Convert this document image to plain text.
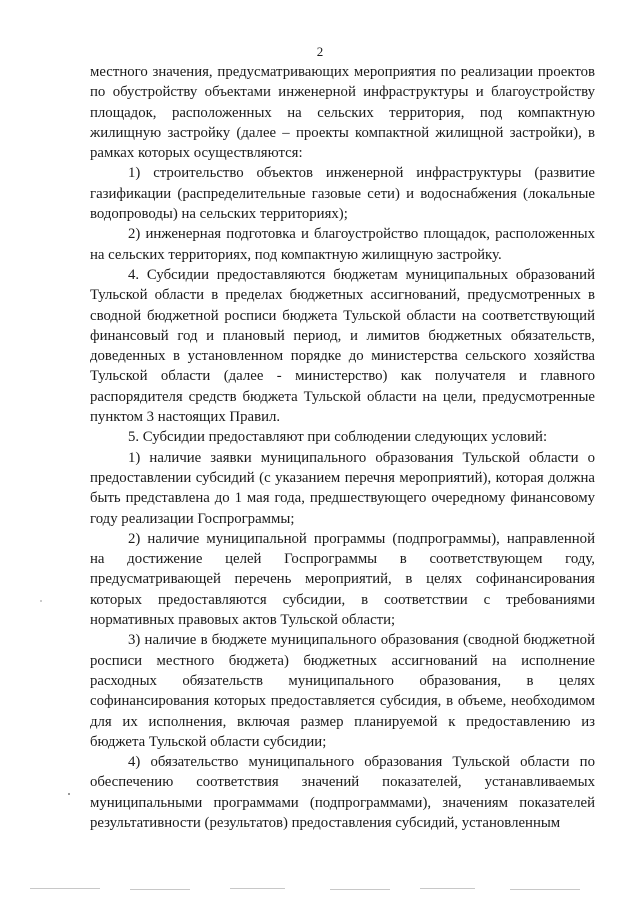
2

местного значения, предусматривающих мероприятия по реализации проектов по обустройству объектами инженерной инфраструктуры и благоустройству площадок, расположенных на сельских территория, под компактную жилищную застройку (далее – проекты компактной жилищной застройки), в рамках которых осуществляются:

1) строительство объектов инженерной инфраструктуры (развитие газификации (распределительные газовые сети) и водоснабжения (локальные водопроводы) на сельских территориях);

2) инженерная подготовка и благоустройство площадок, расположенных на сельских территориях, под компактную жилищную застройку.

4. Субсидии предоставляются бюджетам муниципальных образований Тульской области в пределах бюджетных ассигнований, предусмотренных в сводной бюджетной росписи бюджета Тульской области на соответствующий финансовый год и плановый период, и лимитов бюджетных обязательств, доведенных в установленном порядке до министерства сельского хозяйства Тульской области (далее - министерство) как получателя и главного распорядителя средств бюджета Тульской области на цели, предусмотренные пунктом 3 настоящих Правил.

5. Субсидии предоставляют при соблюдении следующих условий:

1) наличие заявки муниципального образования Тульской области о предоставлении субсидий (с указанием перечня мероприятий), которая должна быть представлена до 1 мая года, предшествующего очередному финансовому году реализации Госпрограммы;

2) наличие муниципальной программы (подпрограммы), направленной на достижение целей Госпрограммы в соответствующем году, предусматривающей перечень мероприятий, в целях софинансирования которых предоставляются субсидии, в соответствии с требованиями нормативных правовых актов Тульской области;

3) наличие в бюджете муниципального образования (сводной бюджетной росписи местного бюджета) бюджетных ассигнований на исполнение расходных обязательств муниципального образования, в целях софинансирования которых предоставляется субсидия, в объеме, необходимом для их исполнения, включая размер планируемой к предоставлению из бюджета Тульской области субсидии;

4) обязательство муниципального образования Тульской области по обеспечению соответствия значений показателей, устанавливаемых муниципальными программами (подпрограммами), значениям показателей результативности (результатов) предоставления субсидий, установленным
